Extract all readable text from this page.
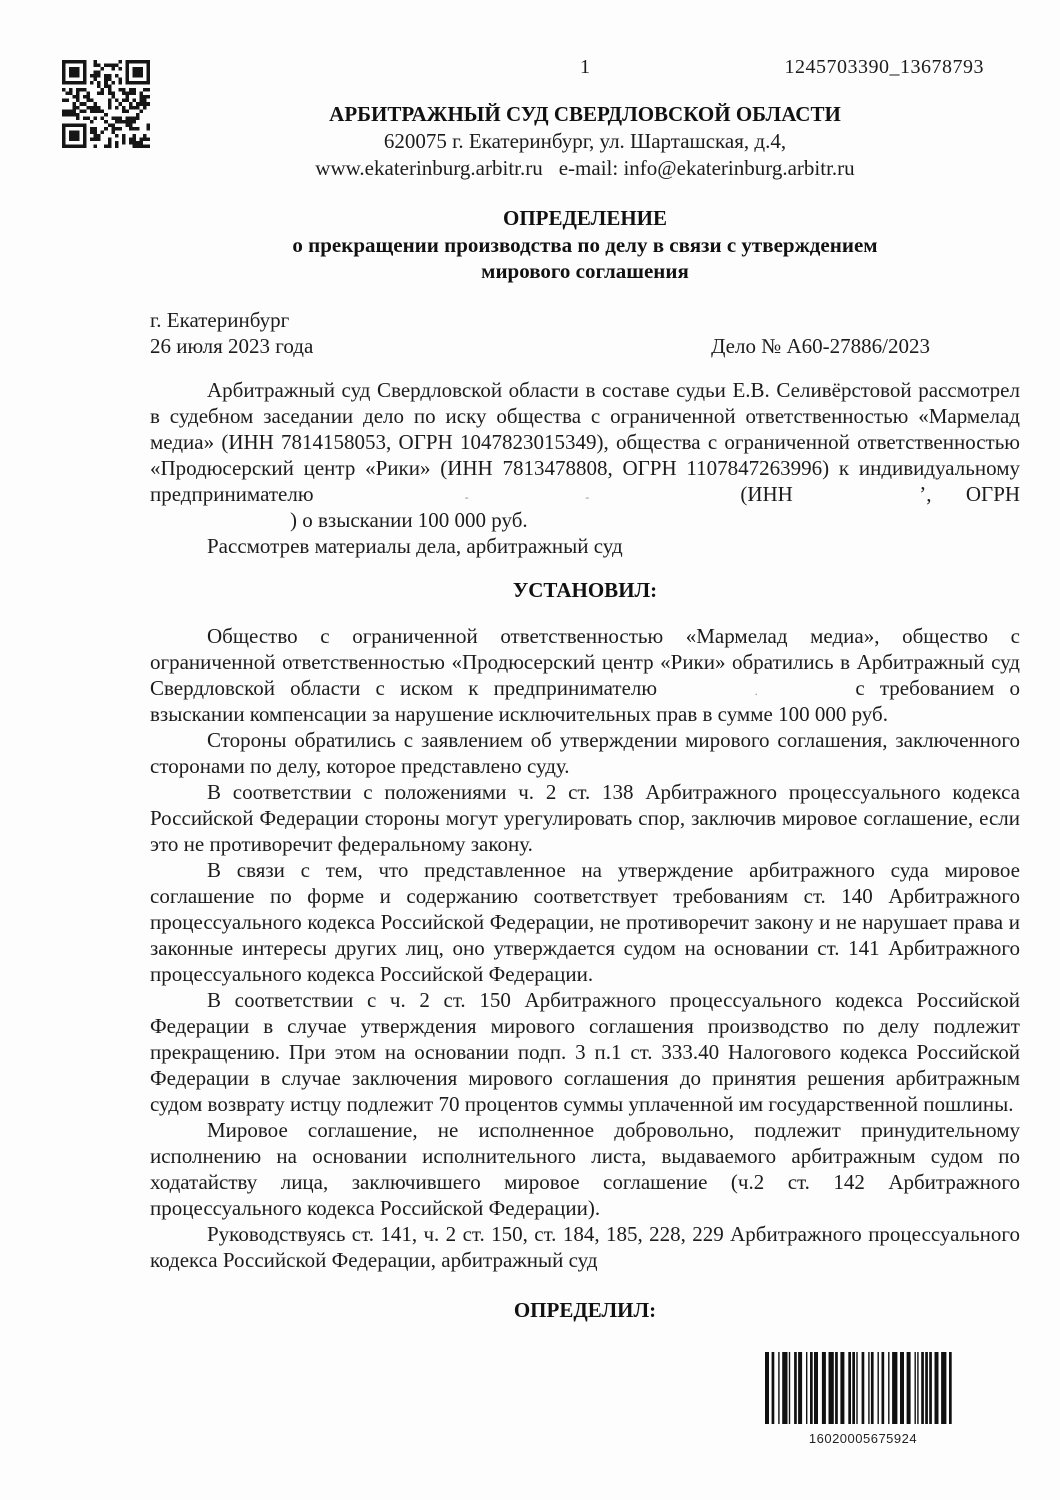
1	1245703390_13678793
АРБИТРАЖНЫЙ СУД СВЕРДЛОВСКОЙ ОБЛАСТИ
620075 г. Екатеринбург, ул. Шарташская, д.4,
www.ekaterinburg.arbitr.ru e-mail: info@ekaterinburg.arbitr.ru
ОПРЕДЕЛЕНИЕ
о прекращении производства по делу в связи с утверждением
мирового соглашения
г. Екатеринбург
26 июля 2023 года	Дело № А60-27886/2023

Арбитражный суд Свердловской области в составе судьи Е.В. Селивёрстовой рассмотрел в судебном заседании дело по иску общества с ограниченной ответственностью «Мармелад медиа» (ИНН 7814158053, ОГРН 1047823015349), общества с ограниченной ответственностью «Продюсерский центр «Рики» (ИНН 7813478808, ОГРН 1107847263996) к индивидуальному предпринимателю	-	-	(ИНН	’, ОГРН ) о взыскании 100 000 руб.

Рассмотрев материалы дела, арбитражный суд

УСТАНОВИЛ:

Общество с ограниченной ответственностью «Мармелад медиа», общество с ограниченной ответственностью «Продюсерский центр «Рики» обратились в Арбитражный суд Свердловской области с иском к предпринимателю	.	с требованием о взыскании компенсации за нарушение исключительных прав в сумме 100 000 руб.

Стороны обратились с заявлением об утверждении мирового соглашения, заключенного сторонами по делу, которое представлено суду.

В соответствии с положениями ч. 2 ст. 138 Арбитражного процессуального кодекса Российской Федерации стороны могут урегулировать спор, заключив мировое соглашение, если это не противоречит федеральному закону.

В связи с тем, что представленное на утверждение арбитражного суда мировое соглашение по форме и содержанию соответствует требованиям ст. 140 Арбитражного процессуального кодекса Российской Федерации, не противоречит закону и не нарушает права и законные интересы других лиц, оно утверждается судом на основании ст. 141 Арбитражного процессуального кодекса Российской Федерации.

В соответствии с ч. 2 ст. 150 Арбитражного процессуального кодекса Российской Федерации в случае утверждения мирового соглашения производство по делу подлежит прекращению. При этом на основании подп. 3 п.1 ст. 333.40 Налогового кодекса Российской Федерации в случае заключения мирового соглашения до принятия решения арбитражным судом возврату истцу подлежит 70 процентов суммы уплаченной им государственной пошлины.

Мировое соглашение, не исполненное добровольно, подлежит принудительному исполнению на основании исполнительного листа, выдаваемого арбитражным судом по ходатайству лица, заключившего мировое соглашение (ч.2 ст. 142 Арбитражного процессуального кодекса Российской Федерации).

Руководствуясь ст. 141, ч. 2 ст. 150, ст. 184, 185, 228, 229 Арбитражного процессуального кодекса Российской Федерации, арбитражный суд

ОПРЕДЕЛИЛ:

16020005675924
